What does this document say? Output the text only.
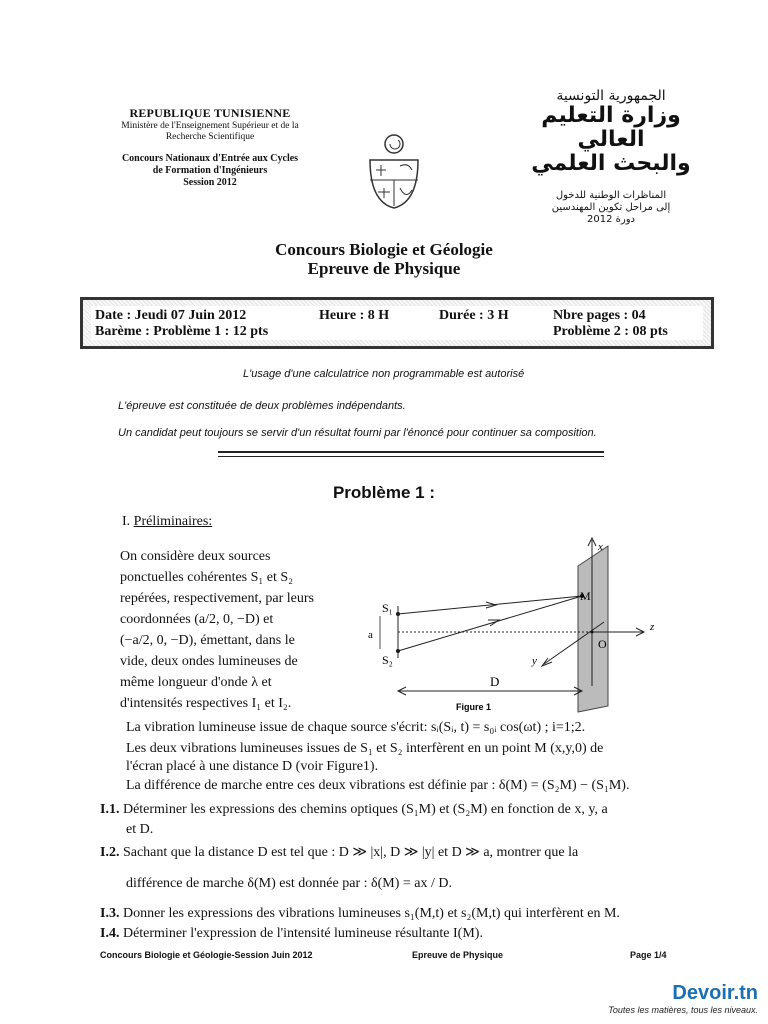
REPUBLIQUE TUNISIENNE
Ministère de l'Enseignement Supérieur et de la
Recherche Scientifique
Concours Nationaux d'Entrée aux Cycles
de Formation d'Ingénieurs
Session 2012
الجمهورية التونسية
وزارة التعليم العالي
والبحث العلمي
المناظرات الوطنية للدخول
إلى مراحل تكوين المهندسين
دورة 2012
Concours Biologie et Géologie
Epreuve de Physique
Date : Jeudi 07 Juin 2012	Heure : 8 H	Durée : 3 H	Nbre pages : 04
Barème : Problème 1 : 12 pts	Problème 2 : 08 pts
L'usage d'une calculatrice non programmable est autorisé
L'épreuve est constituée de deux problèmes indépendants.
Un candidat peut toujours se servir d'un résultat fourni par l'énoncé pour continuer sa composition.
Problème 1 :
I. Préliminaires:
On considère deux sources
ponctuelles cohérentes S₁ et S₂
repérées, respectivement, par leurs
coordonnées (a/2, 0, −D) et
(−a/2, 0, −D), émettant, dans le
vide, deux ondes lumineuses de
même longueur d'onde λ et
d'intensités respectives I₁ et I₂.
S₁
S₂
a
D
M
O
x
z
y
Figure 1
La vibration lumineuse issue de chaque source s'écrit: sᵢ(Sᵢ, t) = s₀ᵢ cos(ωt) ; i=1;2.
Les deux vibrations lumineuses issues de S₁ et S₂ interfèrent en un point M (x,y,0) de
l'écran placé à une distance D (voir Figure1).
La différence de marche entre ces deux vibrations est définie par : δ(M) = (S₂M) − (S₁M).
I.1. Déterminer les expressions des chemins optiques (S₁M) et (S₂M) en fonction de x, y, a
et D.
I.2. Sachant que la distance D est tel que : D ≫ |x|, D ≫ |y| et D ≫ a, montrer que la
différence de marche δ(M) est donnée par : δ(M) = ax / D.
I.3. Donner les expressions des vibrations lumineuses s₁(M,t) et s₂(M,t) qui interfèrent en M.
I.4. Déterminer l'expression de l'intensité lumineuse résultante I(M).
Concours Biologie et Géologie-Session Juin 2012	Epreuve de Physique	Page 1/4
Devoir.tn
Toutes les matières, tous les niveaux.
